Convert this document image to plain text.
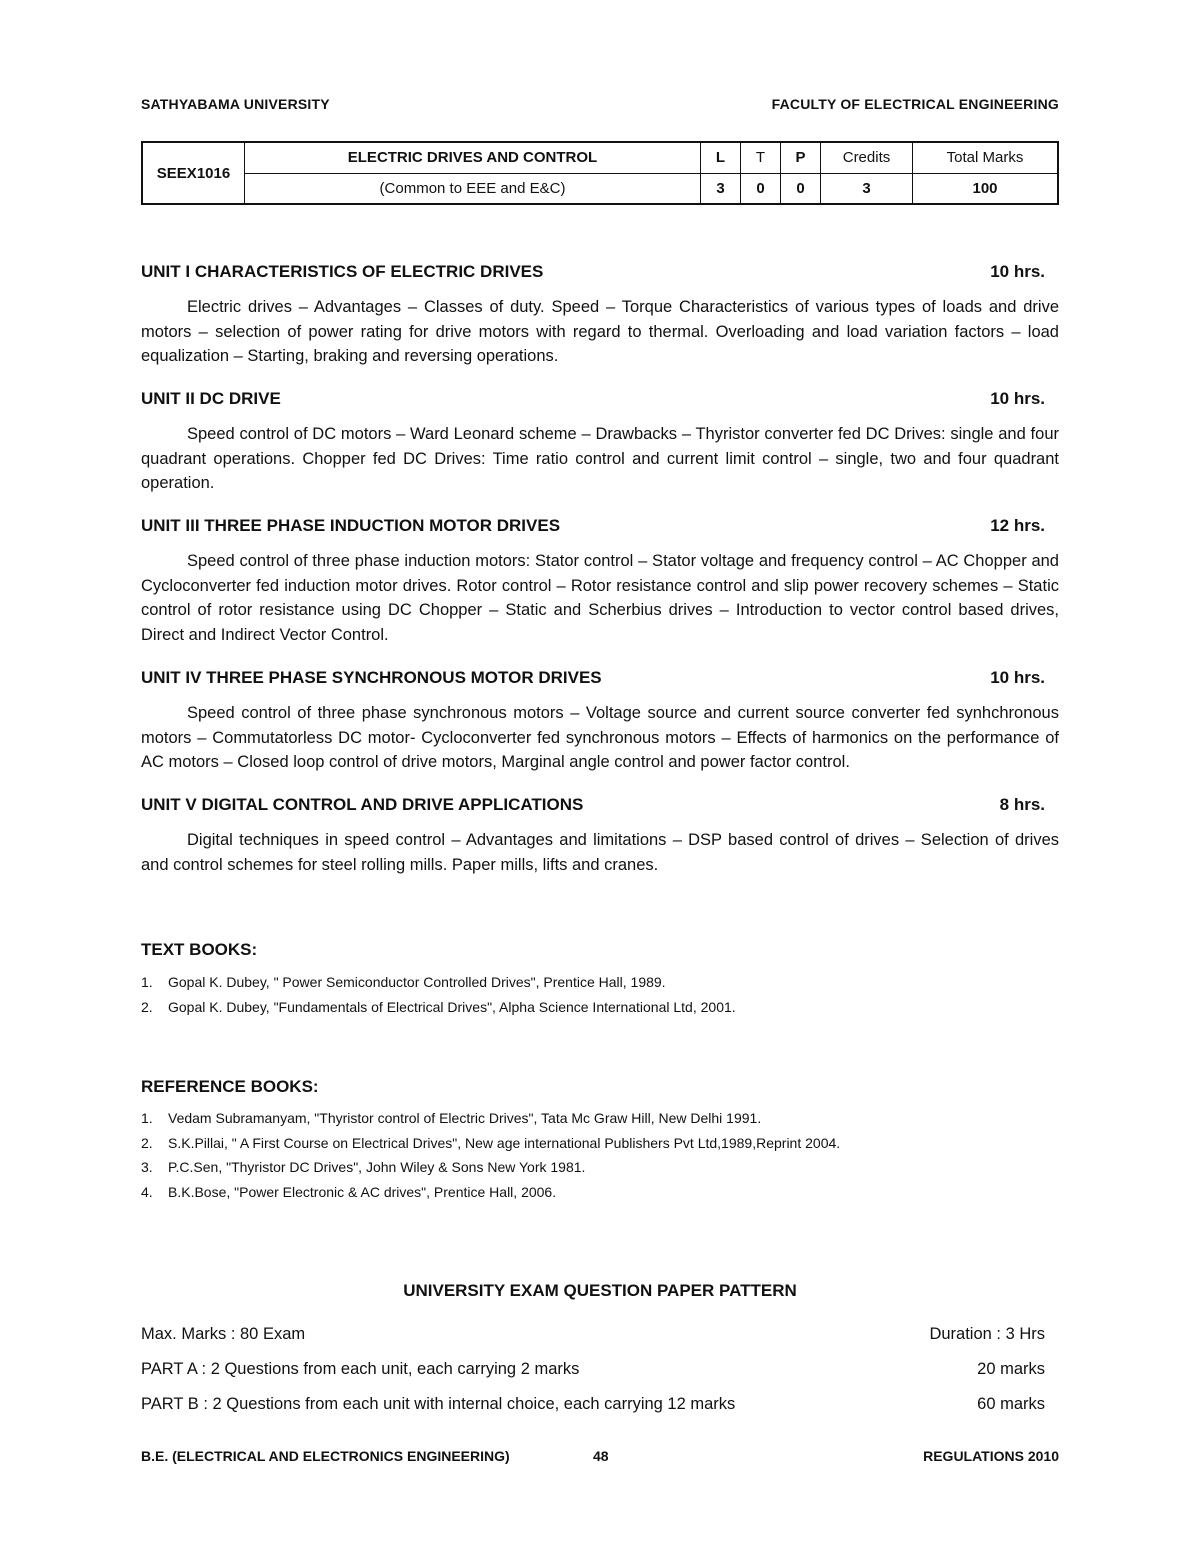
SATHYABAMA UNIVERSITY	FACULTY OF ELECTRICAL ENGINEERING
SEEX1016	ELECTRIC DRIVES AND CONTROL	L	T	P	Credits	Total Marks
	(Common to EEE and E&C)	3	0	0	3	100
UNIT I CHARACTERISTICS OF ELECTRIC DRIVES	10 hrs.
Electric drives – Advantages – Classes of duty. Speed – Torque Characteristics of various types of loads and drive motors – selection of power rating for drive motors with regard to thermal. Overloading and load variation factors – load equalization – Starting, braking and reversing operations.
UNIT II DC DRIVE	10 hrs.
Speed control of DC motors – Ward Leonard scheme – Drawbacks – Thyristor converter fed DC Drives: single and four quadrant operations. Chopper fed DC Drives: Time ratio control and current limit control – single, two and four quadrant operation.
UNIT III THREE PHASE INDUCTION MOTOR DRIVES	12 hrs.
Speed control of three phase induction motors: Stator control – Stator voltage and frequency control – AC Chopper and Cycloconverter fed induction motor drives. Rotor control – Rotor resistance control and slip power recovery schemes – Static control of rotor resistance using DC Chopper – Static and Scherbius drives – Introduction to vector control based drives, Direct and Indirect Vector Control.
UNIT IV THREE PHASE SYNCHRONOUS MOTOR DRIVES	10 hrs.
Speed control of three phase synchronous motors – Voltage source and current source converter fed synhchronous motors – Commutatorless DC motor- Cycloconverter fed synchronous motors – Effects of harmonics on the performance of AC motors – Closed loop control of drive motors, Marginal angle control and power factor control.
UNIT V DIGITAL CONTROL AND DRIVE APPLICATIONS	8 hrs.
Digital techniques in speed control – Advantages and limitations – DSP based control of drives – Selection of drives and control schemes for steel rolling mills. Paper mills, lifts and cranes.
TEXT BOOKS:
1. Gopal K. Dubey, " Power Semiconductor Controlled Drives", Prentice Hall, 1989.
2. Gopal K. Dubey, "Fundamentals of Electrical Drives", Alpha Science International Ltd, 2001.
REFERENCE BOOKS:
1. Vedam Subramanyam, "Thyristor control of Electric Drives", Tata Mc Graw Hill, New Delhi 1991.
2. S.K.Pillai, " A First Course on Electrical Drives", New age international Publishers Pvt Ltd,1989,Reprint 2004.
3. P.C.Sen, "Thyristor DC Drives", John Wiley & Sons New York 1981.
4. B.K.Bose, "Power Electronic & AC drives", Prentice Hall, 2006.
UNIVERSITY EXAM QUESTION PAPER PATTERN
Max. Marks : 80 Exam	Duration : 3 Hrs
PART A : 2 Questions from each unit, each carrying 2 marks	20 marks
PART B : 2 Questions from each unit with internal choice, each carrying 12 marks	60 marks
B.E. (ELECTRICAL AND ELECTRONICS ENGINEERING)	48	REGULATIONS 2010
